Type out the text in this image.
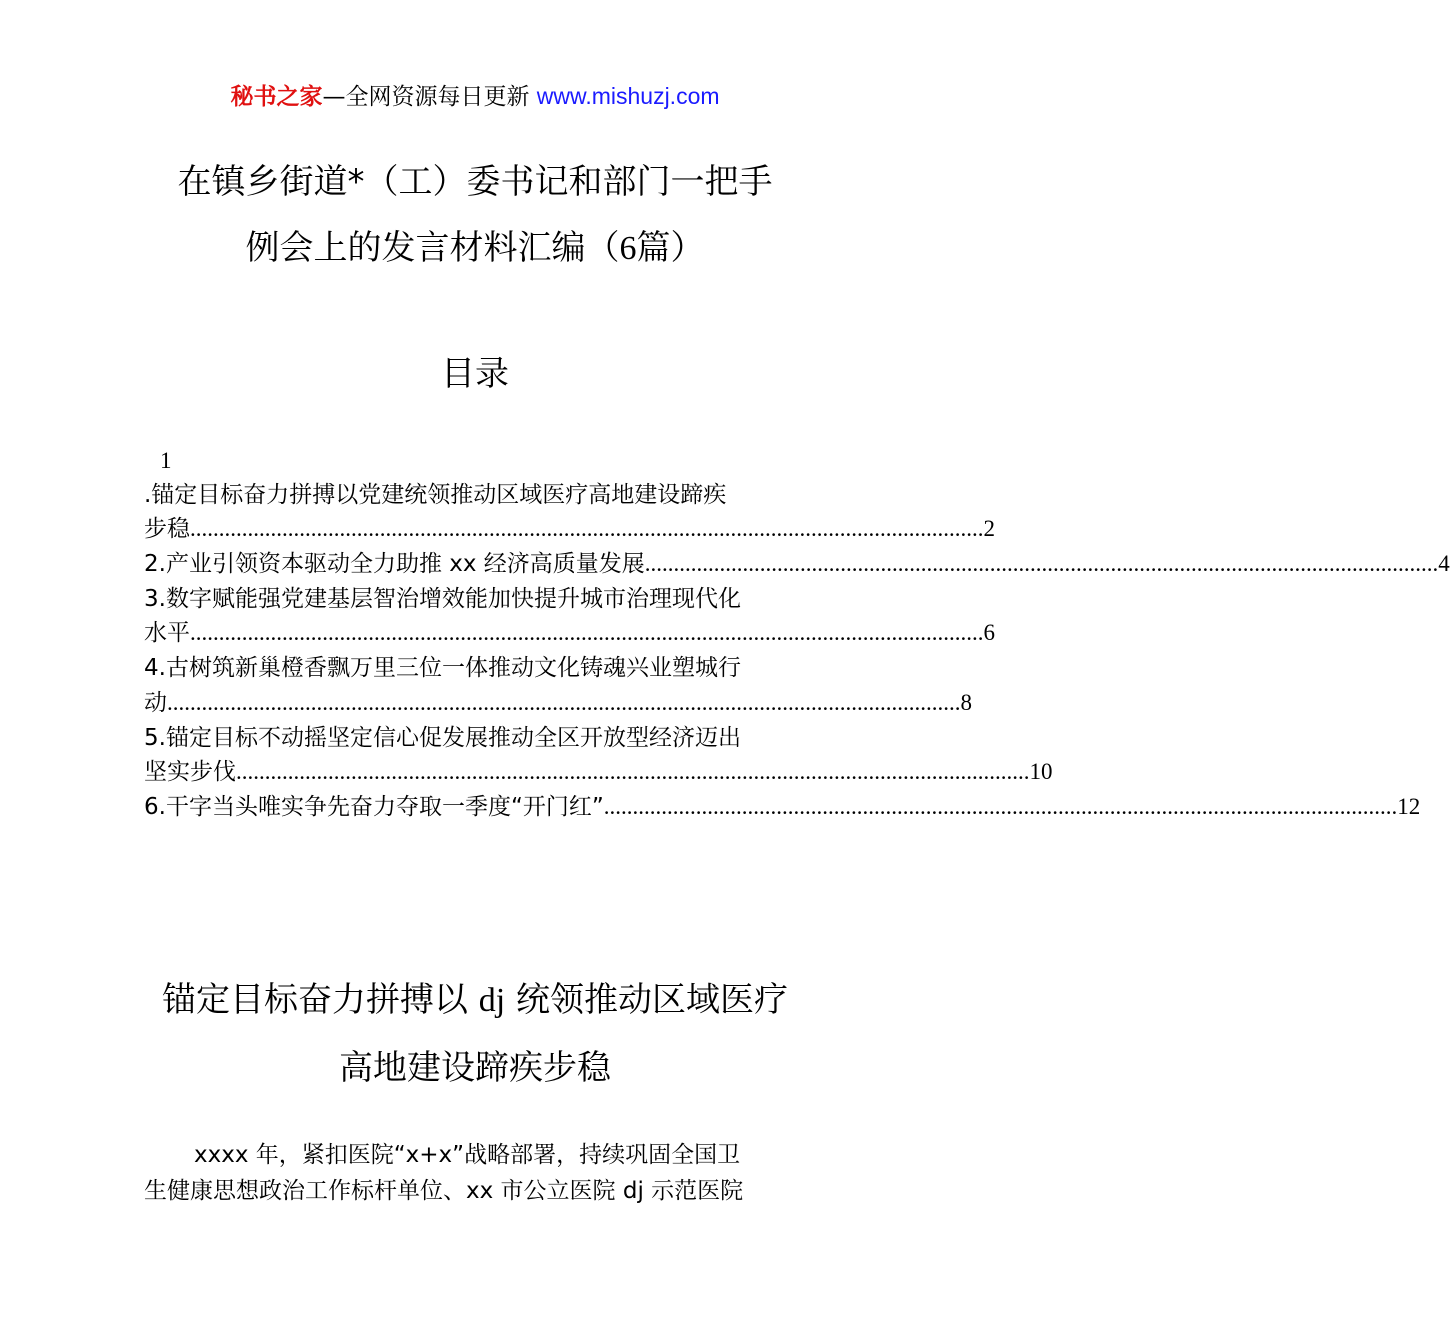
秘书之家—全网资源每日更新 www.mishuzj.com
在镇乡街道*（工）委书记和部门一把手
例会上的发言材料汇编（6篇）
目录
1
.锚定目标奋力拼搏以党建统领推动区域医疗高地建设蹄疾
步稳 .......................................................................................................................................... 2
2.产业引领资本驱动全力助推 xx 经济高质量发展 .......................................................................................................................................... 4
3.数字赋能强党建基层智治增效能加快提升城市治理现代化
水平 .......................................................................................................................................... 6
4.古树筑新巢橙香飘万里三位一体推动文化铸魂兴业塑城行
动 .......................................................................................................................................... 8
5.锚定目标不动摇坚定信心促发展推动全区开放型经济迈出
坚实步伐 .......................................................................................................................................... 10
6.干字当头唯实争先奋力夺取一季度“开门红” .......................................................................................................................................... 12
锚定目标奋力拼搏以 dj 统领推动区域医疗
高地建设蹄疾步稳
xxxx 年，紧扣医院“x+x”战略部署，持续巩固全国卫
生健康思想政治工作标杆单位、xx 市公立医院 dj 示范医院
